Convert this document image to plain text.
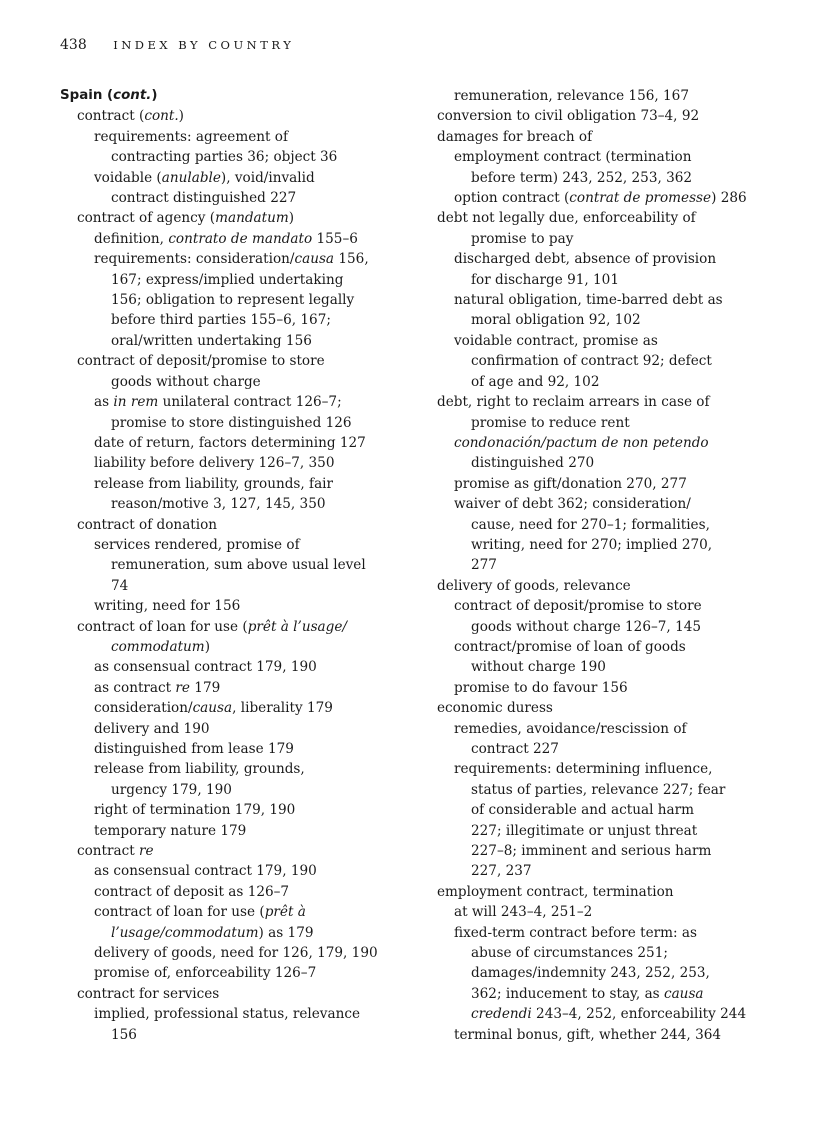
438 INDEX BY COUNTRY
Spain (cont.)
contract (cont.)
requirements: agreement of
contracting parties 36; object 36
voidable (anulable), void/invalid
contract distinguished 227
contract of agency (mandatum)
definition, contrato de mandato 155–6
requirements: consideration/causa 156,
167; express/implied undertaking
156; obligation to represent legally
before third parties 155–6, 167;
oral/written undertaking 156
contract of deposit/promise to store
goods without charge
as in rem unilateral contract 126–7;
promise to store distinguished 126
date of return, factors determining 127
liability before delivery 126–7, 350
release from liability, grounds, fair
reason/motive 3, 127, 145, 350
contract of donation
services rendered, promise of
remuneration, sum above usual level
74
writing, need for 156
contract of loan for use (prêt à l’usage/
commodatum)
as consensual contract 179, 190
as contract re 179
consideration/causa, liberality 179
delivery and 190
distinguished from lease 179
release from liability, grounds,
urgency 179, 190
right of termination 179, 190
temporary nature 179
contract re
as consensual contract 179, 190
contract of deposit as 126–7
contract of loan for use (prêt à
l’usage/commodatum) as 179
delivery of goods, need for 126, 179, 190
promise of, enforceability 126–7
contract for services
implied, professional status, relevance
156
remuneration, relevance 156, 167
conversion to civil obligation 73–4, 92
damages for breach of
employment contract (termination
before term) 243, 252, 253, 362
option contract (contrat de promesse) 286
debt not legally due, enforceability of
promise to pay
discharged debt, absence of provision
for discharge 91, 101
natural obligation, time-barred debt as
moral obligation 92, 102
voidable contract, promise as
confirmation of contract 92; defect
of age and 92, 102
debt, right to reclaim arrears in case of
promise to reduce rent
condonación/pactum de non petendo
distinguished 270
promise as gift/donation 270, 277
waiver of debt 362; consideration/
cause, need for 270–1; formalities,
writing, need for 270; implied 270,
277
delivery of goods, relevance
contract of deposit/promise to store
goods without charge 126–7, 145
contract/promise of loan of goods
without charge 190
promise to do favour 156
economic duress
remedies, avoidance/rescission of
contract 227
requirements: determining influence,
status of parties, relevance 227; fear
of considerable and actual harm
227; illegitimate or unjust threat
227–8; imminent and serious harm
227, 237
employment contract, termination
at will 243–4, 251–2
fixed-term contract before term: as
abuse of circumstances 251;
damages/indemnity 243, 252, 253,
362; inducement to stay, as causa
credendi 243–4, 252, enforceability 244
terminal bonus, gift, whether 244, 364
